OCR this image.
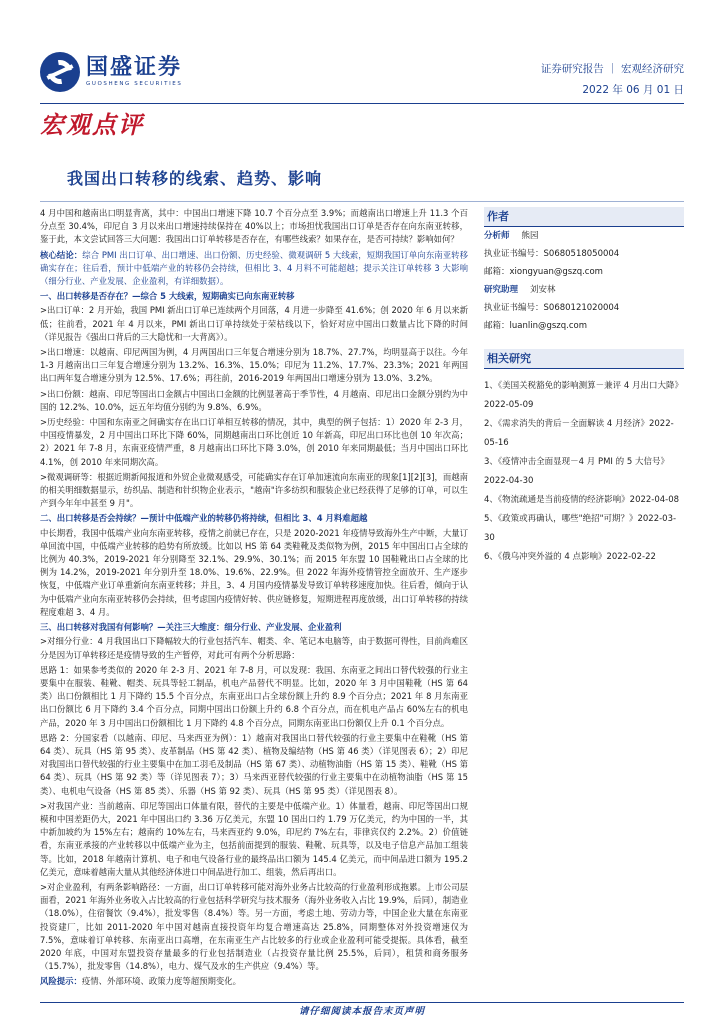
国盛证券
GUOSHENG SECURITIES
证券研究报告 ｜ 宏观经济研究
2022 年 06 月 01 日
宏观点评
我国出口转移的线索、趋势、影响

4 月中国和越南出口明显背离，其中：中国出口增速下降 10.7 个百分点至 3.9%；而越南出口增速上升 11.3 个百分点至 30.4%，印尼自 3 月以来出口增速持续保持在 40%以上；市场担忧我国出口订单是否存在向东南亚转移，鉴于此，本文尝试回答三大问题：我国出口订单转移是否存在，有哪些线索？如果存在，是否可持续？影响如何？

核心结论：综合 PMI 出口订单、出口增速、出口份额、历史经验、微观调研 5 大线索，短期我国订单向东南亚转移确实存在；往后看，预计中低端产业的转移仍会持续，但相比 3、4 月料不可能超越；提示关注订单转移 3 大影响（细分行业、产业发展、企业盈利，有详细数据）。

一、出口转移是否存在？—综合 5 大线索，短期确实已向东南亚转移

>出口订单：2 月开始，我国 PMI 新出口订单已连续两个月回落，4 月进一步降至 41.6%；创 2020 年 6 月以来新低；往前看，2021 年 4 月以来，PMI 新出口订单持续处于荣枯线以下，恰好对应中国出口数量占比下降的时间（详见报告《强出口背后的三大隐忧和一大背离》）。

>出口增速：以越南、印尼两国为例，4 月两国出口三年复合增速分别为 18.7%、27.7%，均明显高于以往。今年 1-3 月越南出口三年复合增速分别为 13.2%、16.3%、15.0%；印尼为 11.2%、17.7%、23.3%；2021 年两国出口两年复合增速分别为 12.5%、17.6%；再往前，2016-2019 年两国出口增速分别为 13.0%、3.2%。

>出口份额：越南、印尼等国出口金额占中国出口金额的比例显著高于季节性，4 月越南、印尼出口金额分别约为中国的 12.2%、10.0%，远五年均值分别约为 9.8%、6.9%。

>历史经验：中国和东南亚之间确实存在出口订单相互转移的情况，其中，典型的例子包括：1）2020 年 2-3 月，中国疫情暴发，2 月中国出口环比下降 60%，同期越南出口环比创近 10 年新高，印尼出口环比也创 10 年次高；2）2021 年 7-8 月，东南亚疫情严重，8 月越南出口环比下降 3.0%，创 2010 年来同期最低；当月中国出口环比 4.1%，创 2010 年来同期次高。

>微观调研等：根据近期新闻报道和外贸企业微观感受，可能确实存在订单加速流向东南亚的现象[1][2][3]，而越南的相关明细数据显示，纺织品、制造和针织物企业表示，"越南"许多纺织和服装企业已经获得了足够的订单，可以生产到今年年中甚至 9 月"。

二、出口转移是否会持续？—预计中低端产业的转移仍将持续，但相比 3、4 月料难超越

中长期看，我国中低端产业向东南亚转移，疫情之前就已存在，只是 2020-2021 年疫情导致海外生产中断，大量订单回流中国，中低端产业转移的趋势有所放缓。比如以 HS 第 64 类鞋靴及类似物为例，2015 年中国出口占全球的比例为 40.3%，2019-2021 年分别降至 32.1%、29.9%、30.1%；而 2015 年东盟 10 国鞋靴出口占全球的比例为 14.2%，2019-2021 年分别升至 18.0%、19.6%、22.9%。但 2022 年海外疫情管控全面放开、生产逐步恢复，中低端产业订单重新向东南亚转移；并且，3、4 月国内疫情暴发导致订单转移速度加快。往后看，倾向于认为中低端产业向东南亚转移仍会持续，但考虑国内疫情好转、供应链修复，短期进程再度放缓，出口订单转移的持续程度难超 3、4 月。

三、出口转移对我国有何影响？—关注三大维度：细分行业、产业发展、企业盈利

>对细分行业：4 月我国出口下降幅较大的行业包括汽车、帽类、伞、笔记本电脑等，由于数据可得性，目前尚难区分是因为订单转移还是疫情导致的生产暂停，对此可有两个分析思路：

思路 1：如果参考类似的 2020 年 2-3 月、2021 年 7-8 月，可以发现：我国、东南亚之间出口替代较强的行业主要集中在服装、鞋靴、帽类、玩具等轻工制品，机电产品替代不明显。比如，2020 年 3 月中国鞋靴（HS 第 64 类）出口份额相比 1 月下降约 15.5 个百分点，东南亚出口占全球份额上升约 8.9 个百分点；2021 年 8 月东南亚出口份额比 6 月下降约 3.4 个百分点，同期中国出口份额上升约 6.8 个百分点，而在机电产品占 60%左右的机电产品，2020 年 3 月中国出口份额相比 1 月下降约 4.8 个百分点，同期东南亚出口份额仅上升 0.1 个百分点。

思路 2：分国家看（以越南、印尼、马来西亚为例）：1）越南对我国出口替代较强的行业主要集中在鞋靴（HS 第 64 类）、玩具（HS 第 95 类）、皮革制品（HS 第 42 类）、植物及编结物（HS 第 46 类）（详见图表 6）；2）印尼对我国出口替代较强的行业主要集中在加工羽毛及制品（HS 第 67 类）、动植物油脂（HS 第 15 类）、鞋靴（HS 第 64 类）、玩具（HS 第 92 类）等（详见图表 7）；3）马来西亚替代较强的行业主要集中在动植物油脂（HS 第 15 类）、电机电气设备（HS 第 85 类）、乐器（HS 第 92 类）、玩具（HS 第 95 类）（详见图表 8）。

>对我国产业：当前越南、印尼等国出口体量有限，替代的主要是中低端产业。1）体量看，越南、印尼等国出口规模和中国差距仍大，2021 年中国出口约 3.36 万亿美元，东盟 10 国出口约 1.79 万亿美元，约为中国的一半，其中新加坡约为 15%左右；越南约 10%左右，马来西亚约 9.0%，印尼约 7%左右，菲律宾仅约 2.2%。2）价值链看，东南亚承接的产业转移以中低端产业为主，包括前面提到的服装、鞋靴、玩具等，以及电子信息产品加工组装等。比如，2018 年越南计算机、电子和电气设备行业的最终品出口额为 145.4 亿美元，而中间品进口额为 195.2 亿美元，意味着越南大量从其他经济体进口中间品进行加工、组装，然后再出口。

>对企业盈利，有两条影响路径：一方面，出口订单转移可能对海外业务占比较高的行业盈利形成拖累。上市公司层面看，2021 年海外业务收入占比较高的行业包括科学研究与技术服务（海外业务收入占比 19.9%，后同），制造业（18.0%），住宿餐饮（9.4%），批发零售（8.4%）等。另一方面，考虑土地、劳动力等，中国企业大量在东南亚投资建厂，比如 2011-2020 年中国对越南直接投资年均复合增速高达 25.8%，同期整体对外投资增速仅为 7.5%，意味着订单转移、东南亚出口高增，在东南亚生产占比较多的行业或企业盈利可能受提振。具体看，截至 2020 年底，中国对东盟投资存量最多的行业包括制造业（占投资存量比例 25.5%，后同），租赁和商务服务（15.7%），批发零售（14.8%），电力、煤气及水的生产供应（9.4%）等。

风险提示：疫情、外部环境、政策力度等超预期变化。

作者
分析师 熊园
执业证书编号：S0680518050004
邮箱：xiongyuan@gszq.com
研究助理 刘安林
执业证书编号：S0680121020004
邮箱：luanlin@gszq.com
相关研究
1、《美国关税豁免的影响测算－兼评 4 月出口大降》
2022-05-09
2、《需求消失的背后－全面解读 4 月经济》2022-05-16
3、《疫情冲击全面显现－4 月 PMI 的 5 大信号》
2022-04-30
4、《物流疏通是当前疫情的经济影响》2022-04-08
5、《政策或再确认，哪些"绝招"可期？》2022-03-30
6、《俄乌冲突外溢的 4 点影响》2022-02-22
请仔细阅读本报告末页声明
